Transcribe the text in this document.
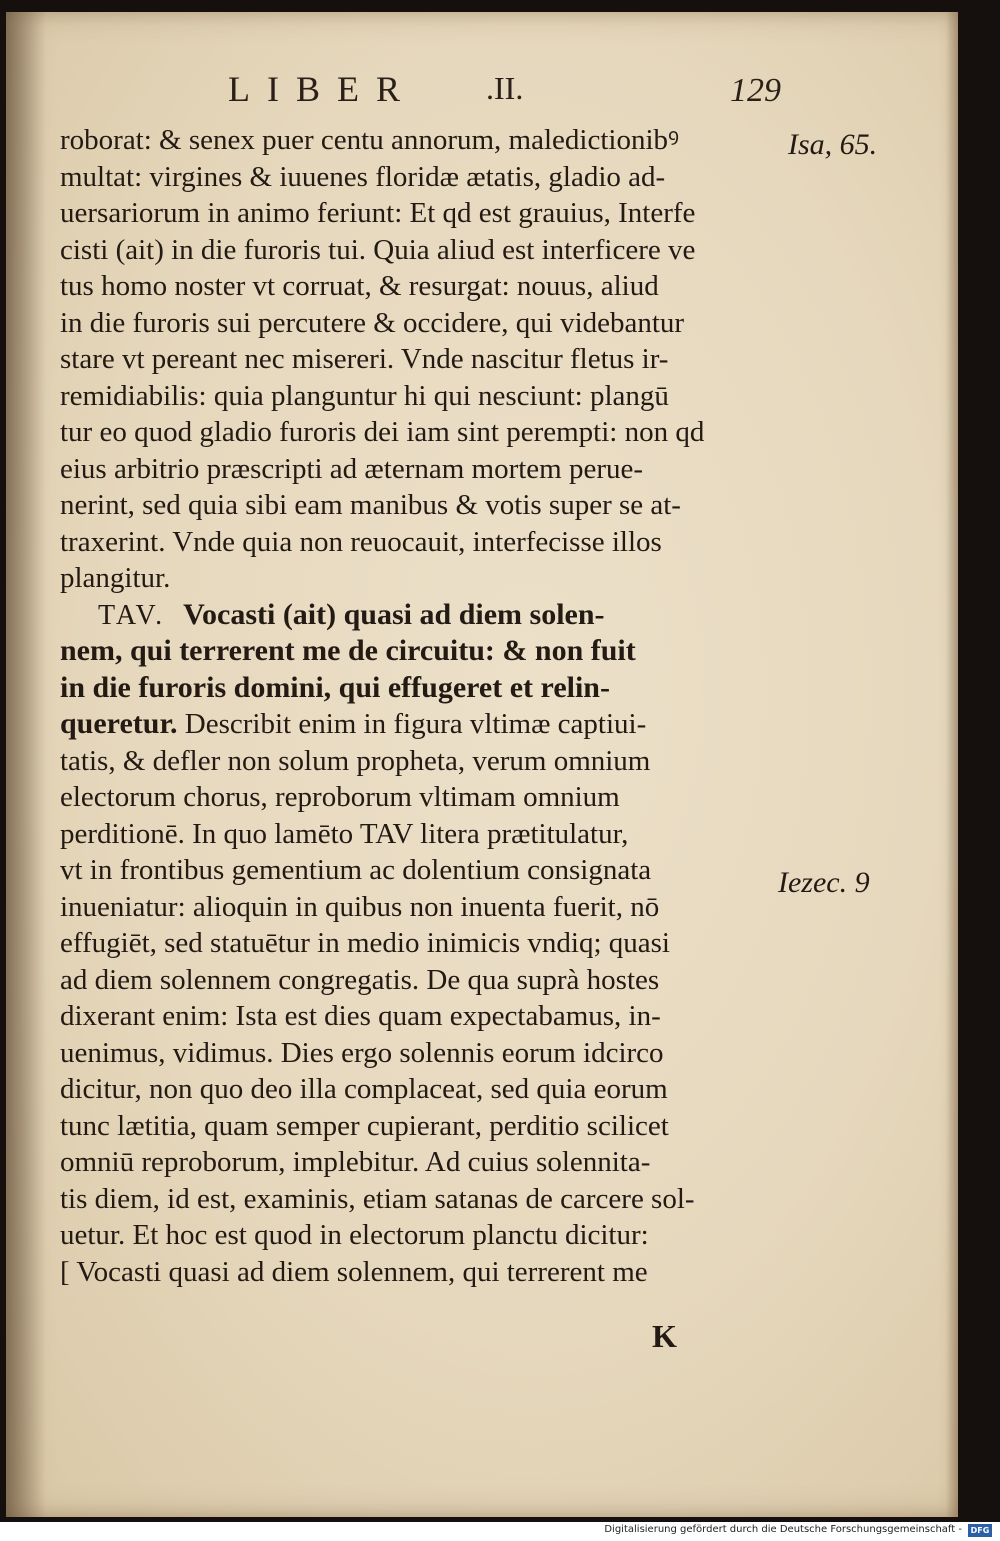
LIBER .II.	129
roborat: & senex puer centu annorum, maledictionibꝰ
multat: virgines & iuuenes floridæ ætatis, gladio ad-
uersariorum in animo feriunt: Et qd est grauius, Interfe
cisti (ait) in die furoris tui. Quia aliud est interficere ve
tus homo noster vt corruat, & resurgat: nouus, aliud
in die furoris sui percutere & occidere, qui videbantur
stare vt pereant nec misereri. Vnde nascitur fletus ir-
remidiabilis: quia planguntur hi qui nesciunt: plangū
tur eo quod gladio furoris dei iam sint perempti: non qd
eius arbitrio præscripti ad æternam mortem perue-
nerint, sed quia sibi eam manibus & votis super se at-
traxerint. Vnde quia non reuocauit, interfecisse illos
plangitur.
TAV. Vocasti (ait) quasi ad diem solen-
nem, qui terrerent me de circuitu: & non fuit
in die furoris domini, qui effugeret et relin-
queretur. Describit enim in figura vltimæ captiui-
tatis, & defler non solum propheta, verum omnium
electorum chorus, reproborum vltimam omnium
perditionē. In quo lamēto TAV litera prætitulatur,
vt in frontibus gementium ac dolentium consignata
inueniatur: alioquin in quibus non inuenta fuerit, nō
effugiēt, sed statuētur in medio inimicis vndiq; quasi
ad diem solennem congregatis. De qua suprà hostes
dixerant enim: Ista est dies quam expectabamus, in-
uenimus, vidimus. Dies ergo solennis eorum idcirco
dicitur, non quo deo illa complaceat, sed quia eorum
tunc lætitia, quam semper cupierant, perditio scilicet
omniū reproborum, implebitur. Ad cuius solennita-
tis diem, id est, examinis, etiam satanas de carcere sol-
uetur. Et hoc est quod in electorum planctu dicitur:
[ Vocasti quasi ad diem solennem, qui terrerent me
Isa, 65.
Iezec. 9
K
Digitalisierung gefördert durch die Deutsche Forschungsgemeinschaft -	DFG
